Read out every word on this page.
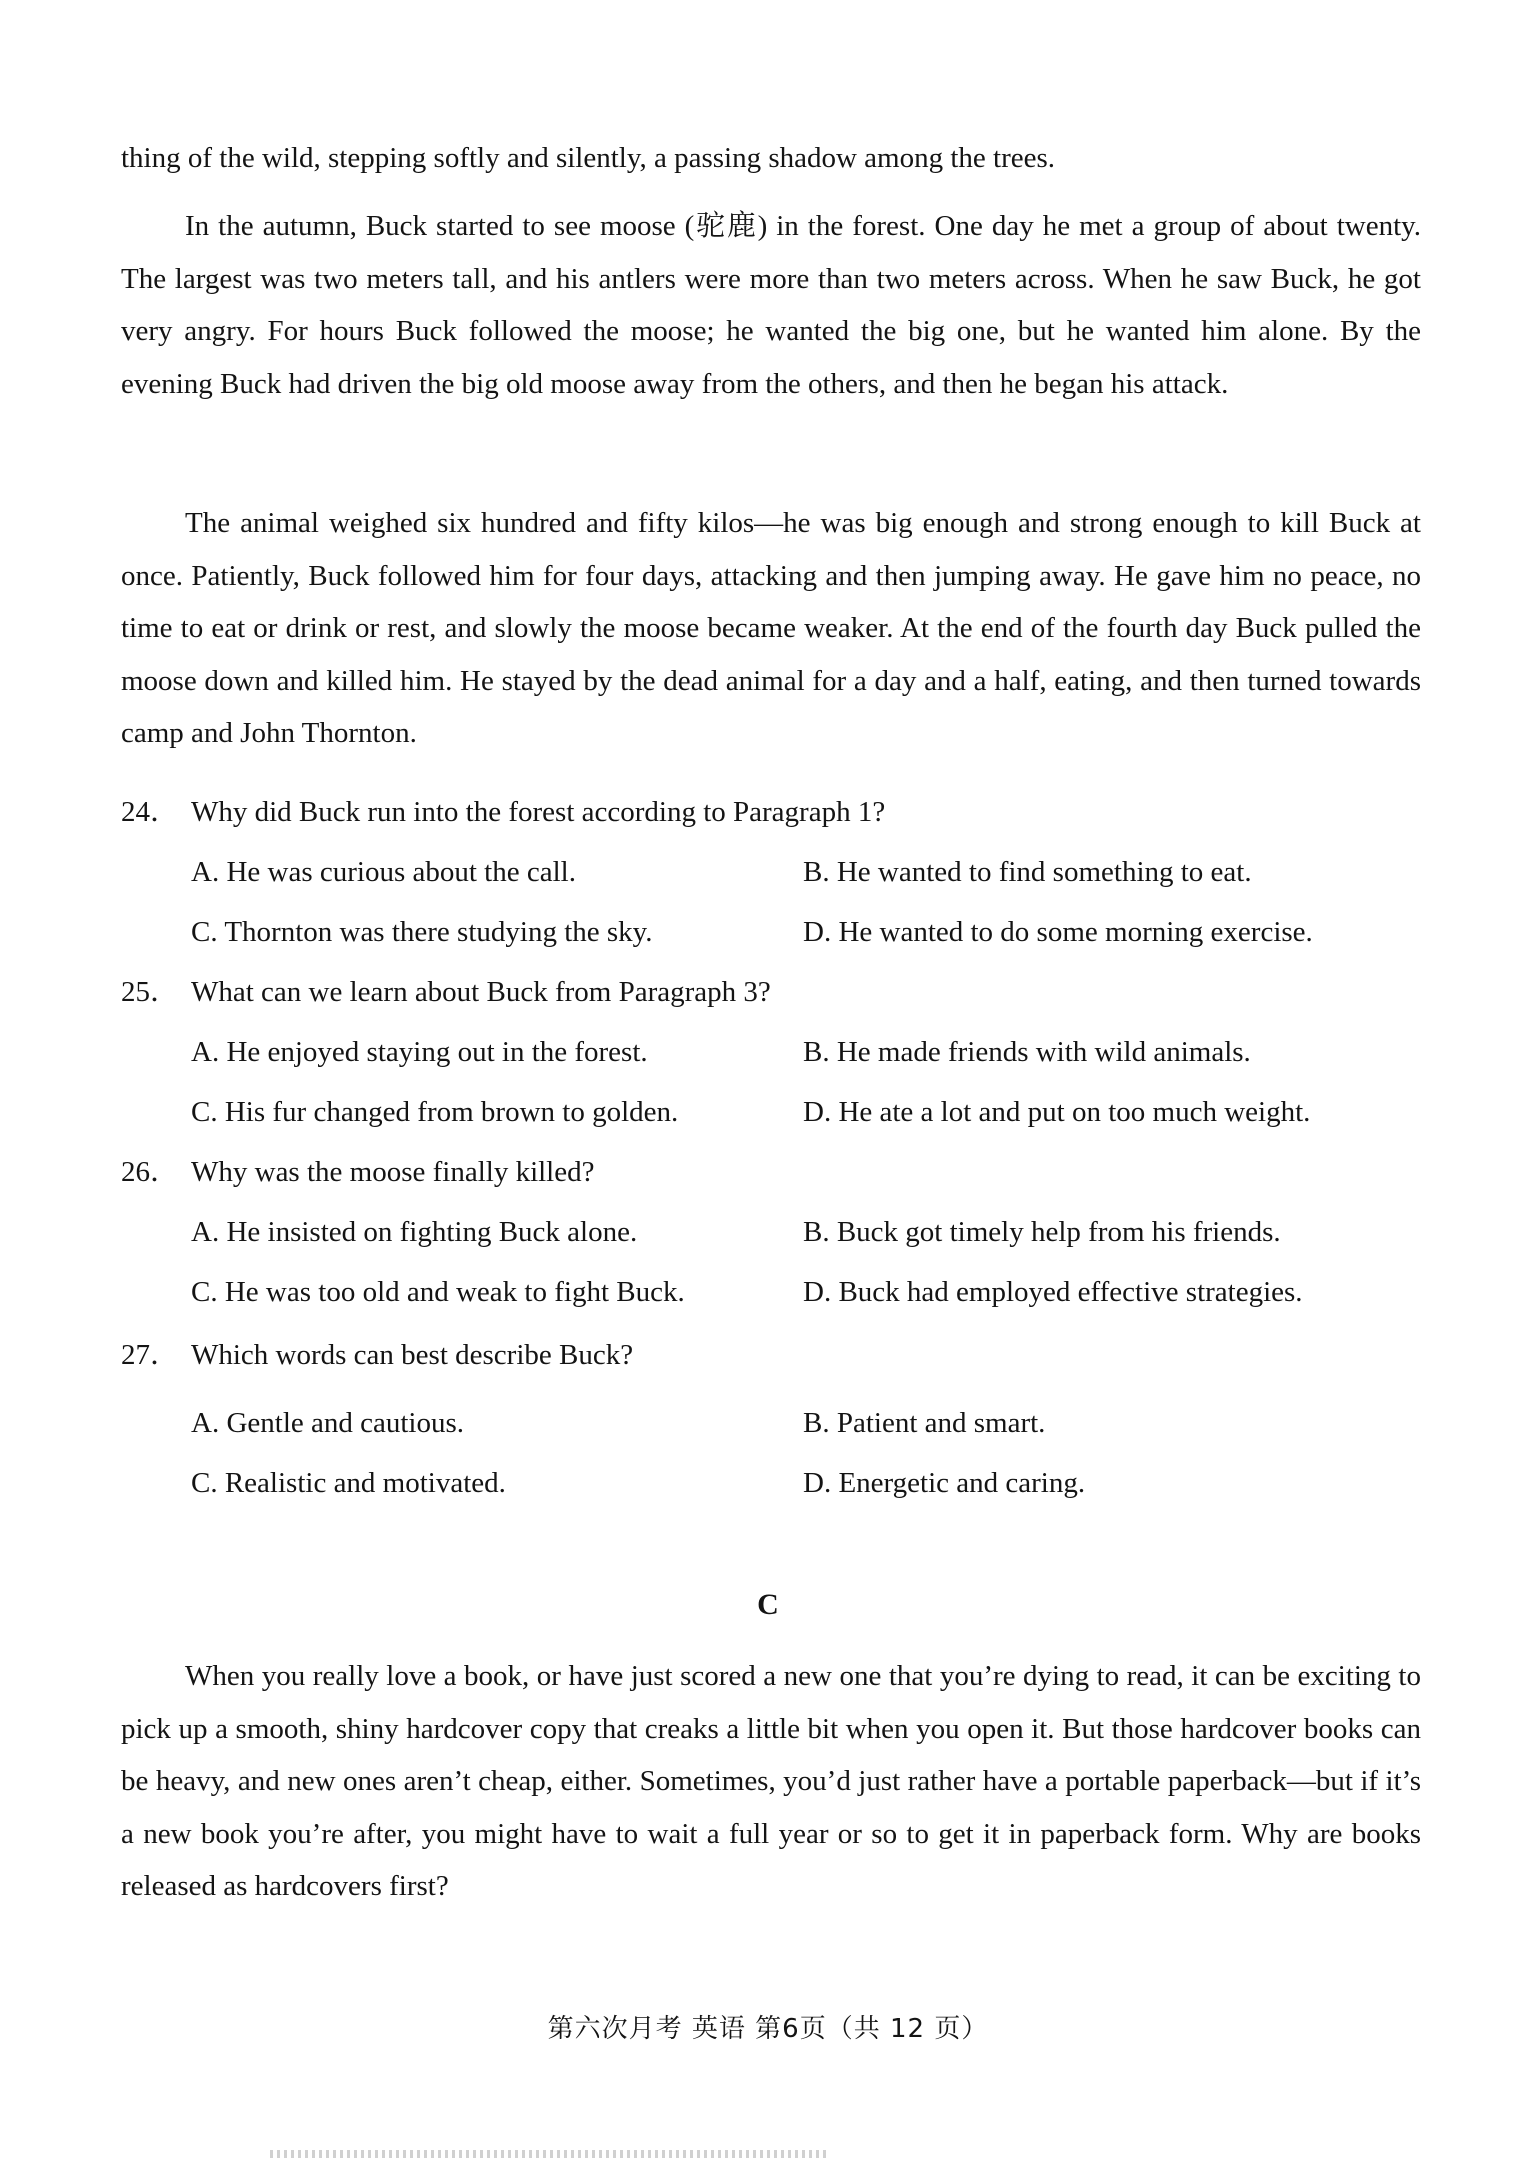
thing of the wild, stepping softly and silently, a passing shadow among the trees.

In the autumn, Buck started to see moose (驼鹿) in the forest. One day he met a group of about twenty. The largest was two meters tall, and his antlers were more than two meters across. When he saw Buck, he got very angry. For hours Buck followed the moose; he wanted the big one, but he wanted him alone. By the evening Buck had driven the big old moose away from the others, and then he began his attack.

The animal weighed six hundred and fifty kilos—he was big enough and strong enough to kill Buck at once. Patiently, Buck followed him for four days, attacking and then jumping away. He gave him no peace, no time to eat or drink or rest, and slowly the moose became weaker. At the end of the fourth day Buck pulled the moose down and killed him. He stayed by the dead animal for a day and a half, eating, and then turned towards camp and John Thornton.

24． Why did Buck run into the forest according to Paragraph 1?
A. He was curious about the call.	B. He wanted to find something to eat.
C. Thornton was there studying the sky.	D. He wanted to do some morning exercise.
25． What can we learn about Buck from Paragraph 3?
A. He enjoyed staying out in the forest.	B. He made friends with wild animals.
C. His fur changed from brown to golden.	D. He ate a lot and put on too much weight.
26． Why was the moose finally killed?
A. He insisted on fighting Buck alone.	B. Buck got timely help from his friends.
C. He was too old and weak to fight Buck.	D. Buck had employed effective strategies.
27． Which words can best describe Buck?
A. Gentle and cautious.	B. Patient and smart.
C. Realistic and motivated.	D. Energetic and caring.
C

When you really love a book, or have just scored a new one that you’re dying to read, it can be exciting to pick up a smooth, shiny hardcover copy that creaks a little bit when you open it. But those hardcover books can be heavy, and new ones aren’t cheap, either. Sometimes, you’d just rather have a portable paperback—but if it’s a new book you’re after, you might have to wait a full year or so to get it in paperback form. Why are books released as hardcovers first?

第六次月考 英语 第6页（共 12 页）
